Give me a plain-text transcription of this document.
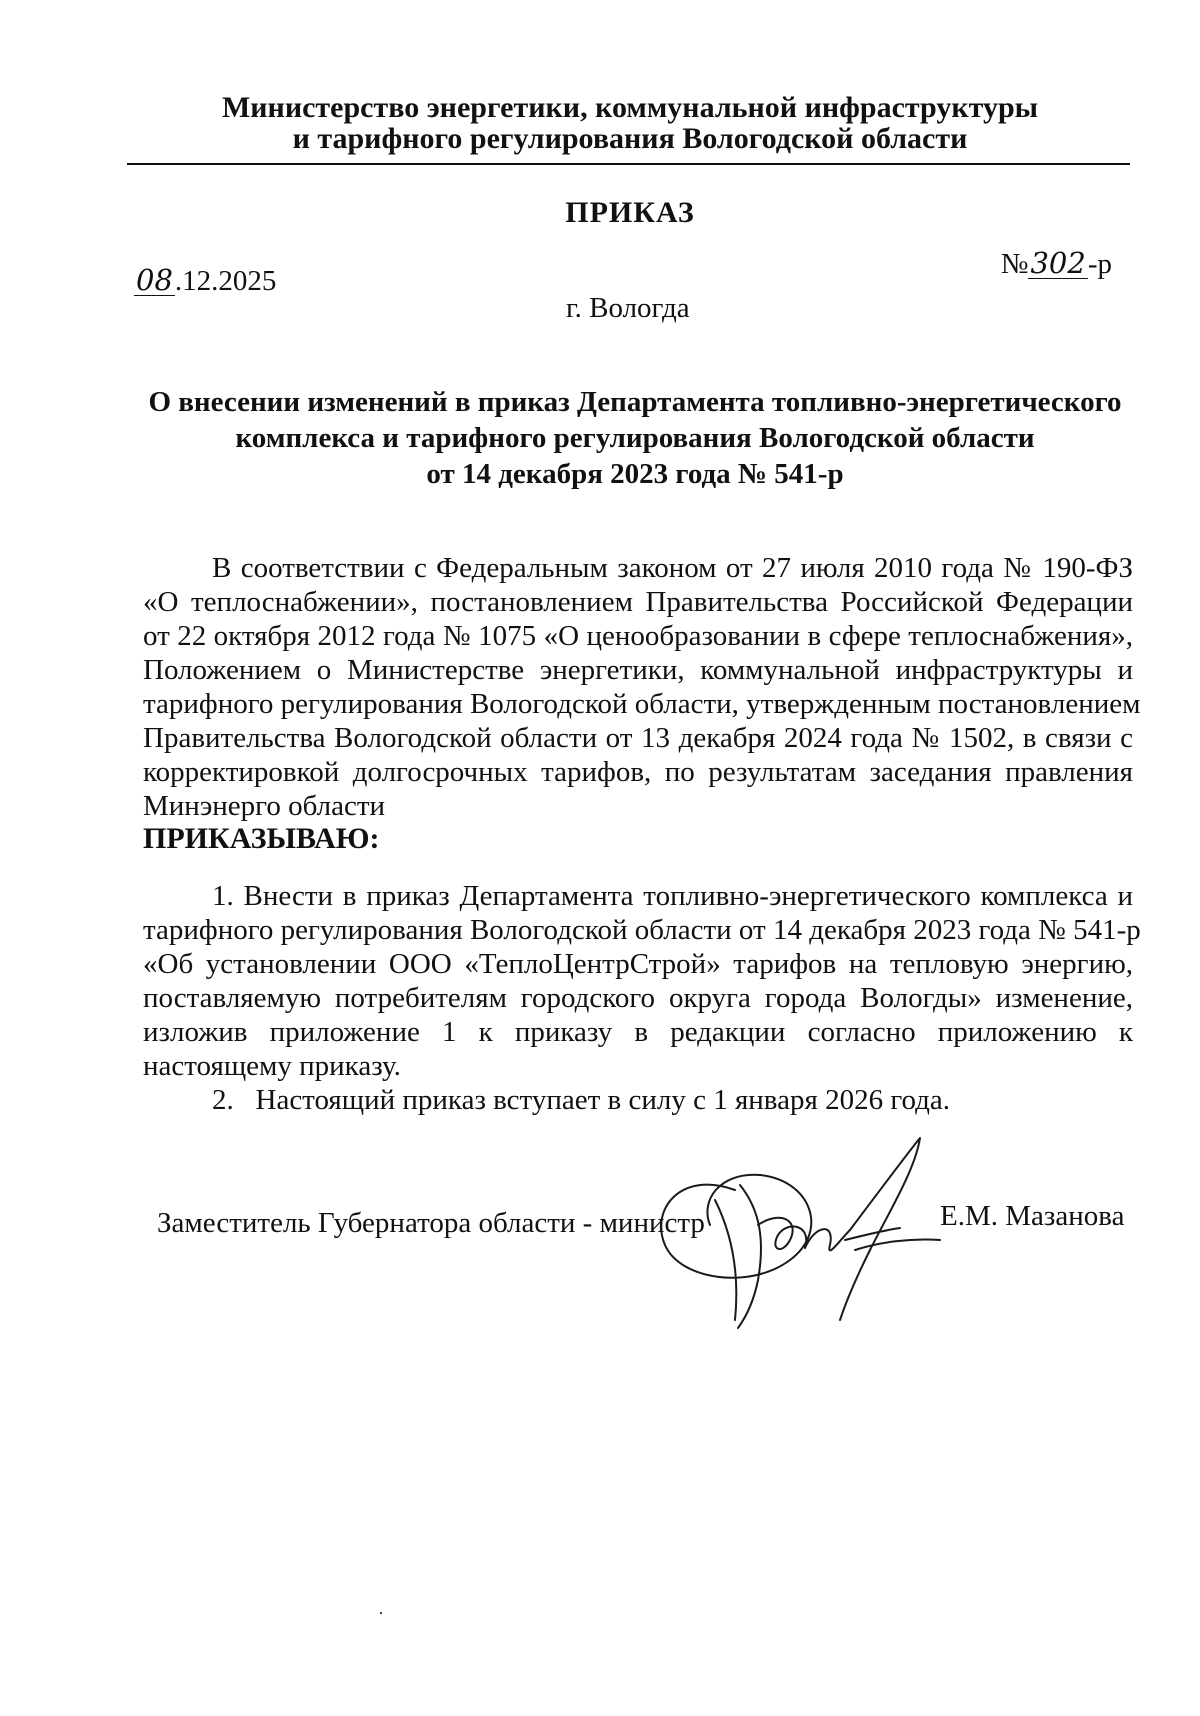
Министерство энергетики, коммунальной инфраструктуры
и тарифного регулирования Вологодской области
ПРИКАЗ
08.12.2025
№302-р
г. Вологда
О внесении изменений в приказ Департамента топливно-энергетического
комплекса и тарифного регулирования Вологодской области
от 14 декабря 2023 года № 541-р
В соответствии с Федеральным законом от 27 июля 2010 года № 190-ФЗ
«О теплоснабжении», постановлением Правительства Российской Федерации
от 22 октября 2012 года № 1075 «О ценообразовании в сфере теплоснабжения»,
Положением о Министерстве энергетики, коммунальной инфраструктуры и
тарифного регулирования Вологодской области, утвержденным постановлением
Правительства Вологодской области от 13 декабря 2024 года № 1502, в связи с
корректировкой долгосрочных тарифов, по результатам заседания правления
Минэнерго области
ПРИКАЗЫВАЮ:
1. Внести в приказ Департамента топливно-энергетического комплекса и
тарифного регулирования Вологодской области от 14 декабря 2023 года № 541-р
«Об установлении ООО «ТеплоЦентрСтрой» тарифов на тепловую энергию,
поставляемую потребителям городского округа города Вологды» изменение,
изложив приложение 1 к приказу в редакции согласно приложению к
настоящему приказу.
2.   Настоящий приказ вступает в силу с 1 января 2026 года.
Заместитель Губернатора области - министр	Е.М. Мазанова
